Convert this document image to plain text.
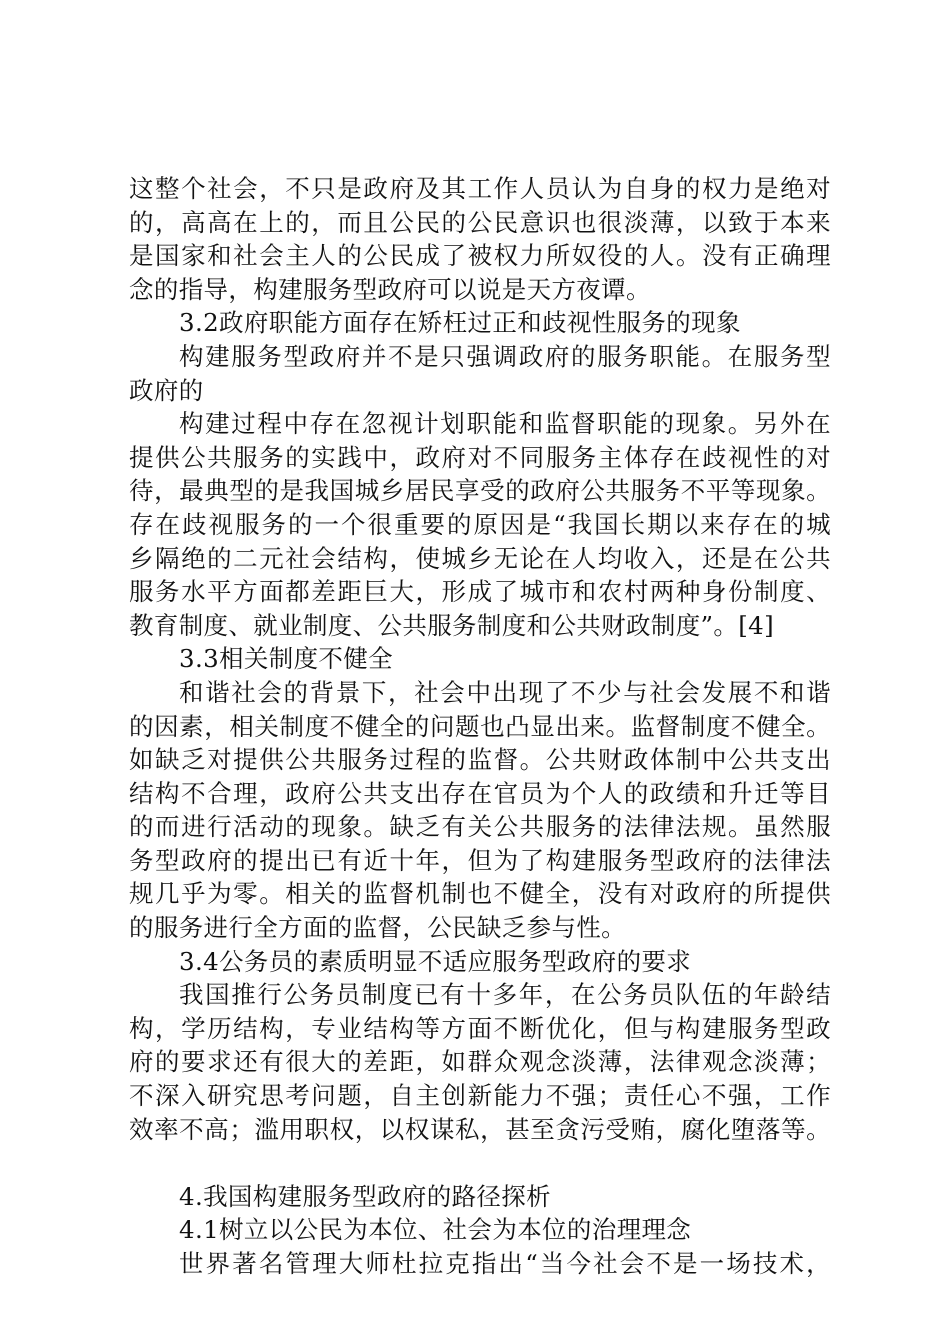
这整个社会，不只是政府及其工作人员认为自身的权力是绝对
的，高高在上的，而且公民的公民意识也很淡薄，以致于本来
是国家和社会主人的公民成了被权力所奴役的人。没有正确理
念的指导，构建服务型政府可以说是天方夜谭。
3.2政府职能方面存在矫枉过正和歧视性服务的现象
构建服务型政府并不是只强调政府的服务职能。在服务型
政府的
构建过程中存在忽视计划职能和监督职能的现象。另外在
提供公共服务的实践中，政府对不同服务主体存在歧视性的对
待，最典型的是我国城乡居民享受的政府公共服务不平等现象。
存在歧视服务的一个很重要的原因是“我国长期以来存在的城
乡隔绝的二元社会结构，使城乡无论在人均收入，还是在公共
服务水平方面都差距巨大，形成了城市和农村两种身份制度、
教育制度、就业制度、公共服务制度和公共财政制度”。[4]
3.3相关制度不健全
和谐社会的背景下，社会中出现了不少与社会发展不和谐
的因素，相关制度不健全的问题也凸显出来。监督制度不健全。
如缺乏对提供公共服务过程的监督。公共财政体制中公共支出
结构不合理，政府公共支出存在官员为个人的政绩和升迁等目
的而进行活动的现象。缺乏有关公共服务的法律法规。虽然服
务型政府的提出已有近十年，但为了构建服务型政府的法律法
规几乎为零。相关的监督机制也不健全，没有对政府的所提供
的服务进行全方面的监督，公民缺乏参与性。
3.4公务员的素质明显不适应服务型政府的要求
我国推行公务员制度已有十多年，在公务员队伍的年龄结
构，学历结构，专业结构等方面不断优化，但与构建服务型政
府的要求还有很大的差距，如群众观念淡薄，法律观念淡薄；
不深入研究思考问题，自主创新能力不强；责任心不强，工作
效率不高；滥用职权，以权谋私，甚至贪污受贿，腐化堕落等。
4.我国构建服务型政府的路径探析
4.1树立以公民为本位、社会为本位的治理理念
世界著名管理大师杜拉克指出“当今社会不是一场技术，
